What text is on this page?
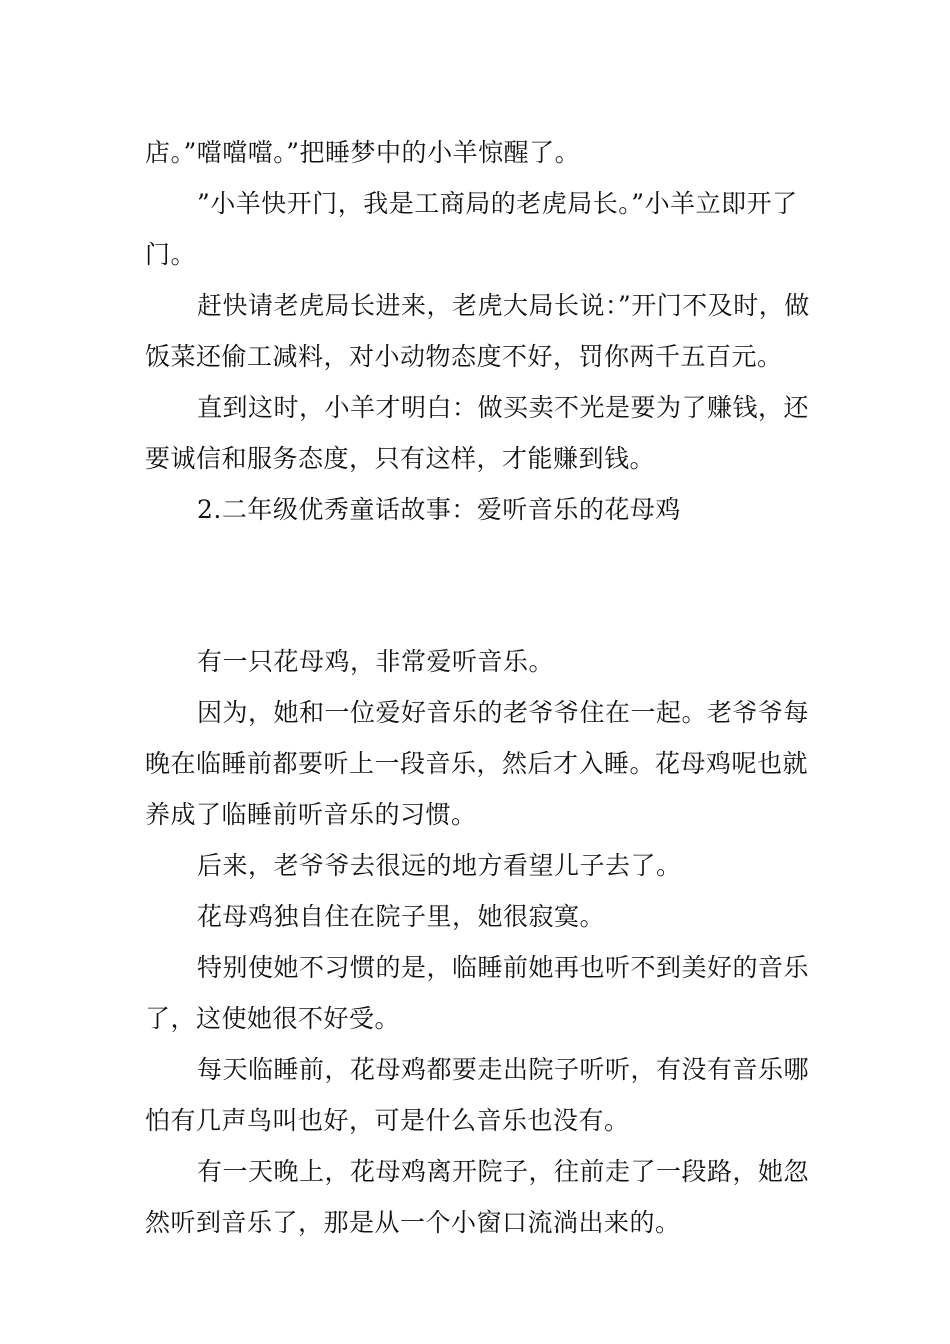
店。”噹噹噹。”把睡梦中的小羊惊醒了。

”小羊快开门，我是工商局的老虎局长。”小羊立即开了门。

赶快请老虎局长进来，老虎大局长说：”开门不及时，做饭菜还偷工减料，对小动物态度不好，罚你两千五百元。

直到这时，小羊才明白：做买卖不光是要为了赚钱，还要诚信和服务态度，只有这样，才能赚到钱。

2.二年级优秀童话故事：爱听音乐的花母鸡

有一只花母鸡，非常爱听音乐。

因为，她和一位爱好音乐的老爷爷住在一起。老爷爷每晚在临睡前都要听上一段音乐，然后才入睡。花母鸡呢也就养成了临睡前听音乐的习惯。

后来，老爷爷去很远的地方看望儿子去了。

花母鸡独自住在院子里，她很寂寞。

特别使她不习惯的是，临睡前她再也听不到美好的音乐了，这使她很不好受。

每天临睡前，花母鸡都要走出院子听听，有没有音乐哪怕有几声鸟叫也好，可是什么音乐也没有。

有一天晚上，花母鸡离开院子，往前走了一段路，她忽然听到音乐了，那是从一个小窗口流淌出来的。
